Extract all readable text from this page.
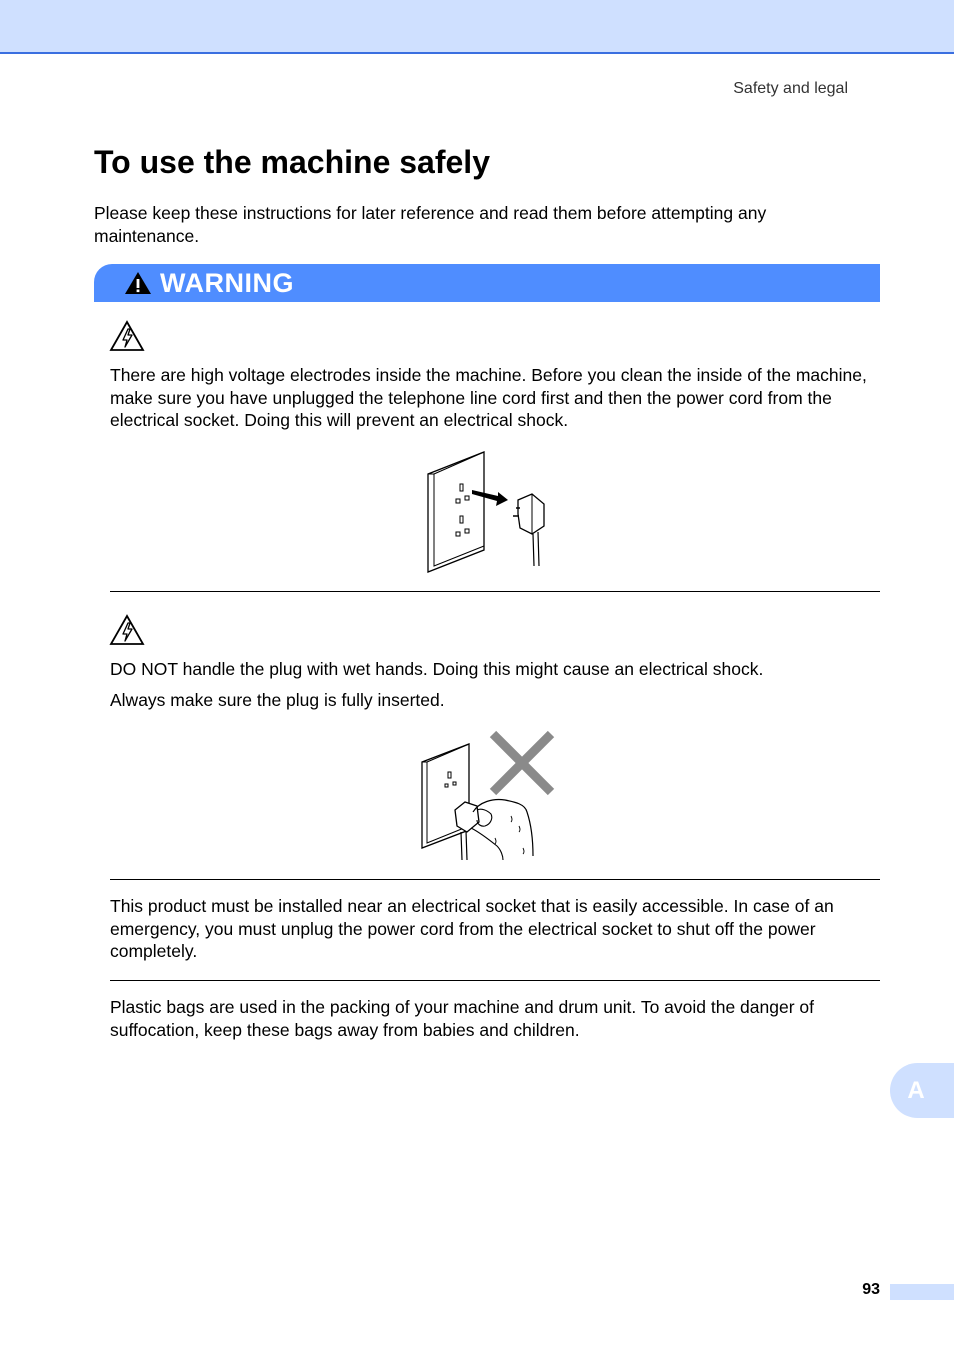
Safety and legal
To use the machine safely

Please keep these instructions for later reference and read them before attempting any maintenance.

WARNING

There are high voltage electrodes inside the machine. Before you clean the inside of the machine, make sure you have unplugged the telephone line cord first and then the power cord from the electrical socket. Doing this will prevent an electrical shock.

DO NOT handle the plug with wet hands. Doing this might cause an electrical shock.

Always make sure the plug is fully inserted.

This product must be installed near an electrical socket that is easily accessible. In case of an emergency, you must unplug the power cord from the electrical socket to shut off the power completely.

Plastic bags are used in the packing of your machine and drum unit. To avoid the danger of suffocation, keep these bags away from babies and children.

A
93
